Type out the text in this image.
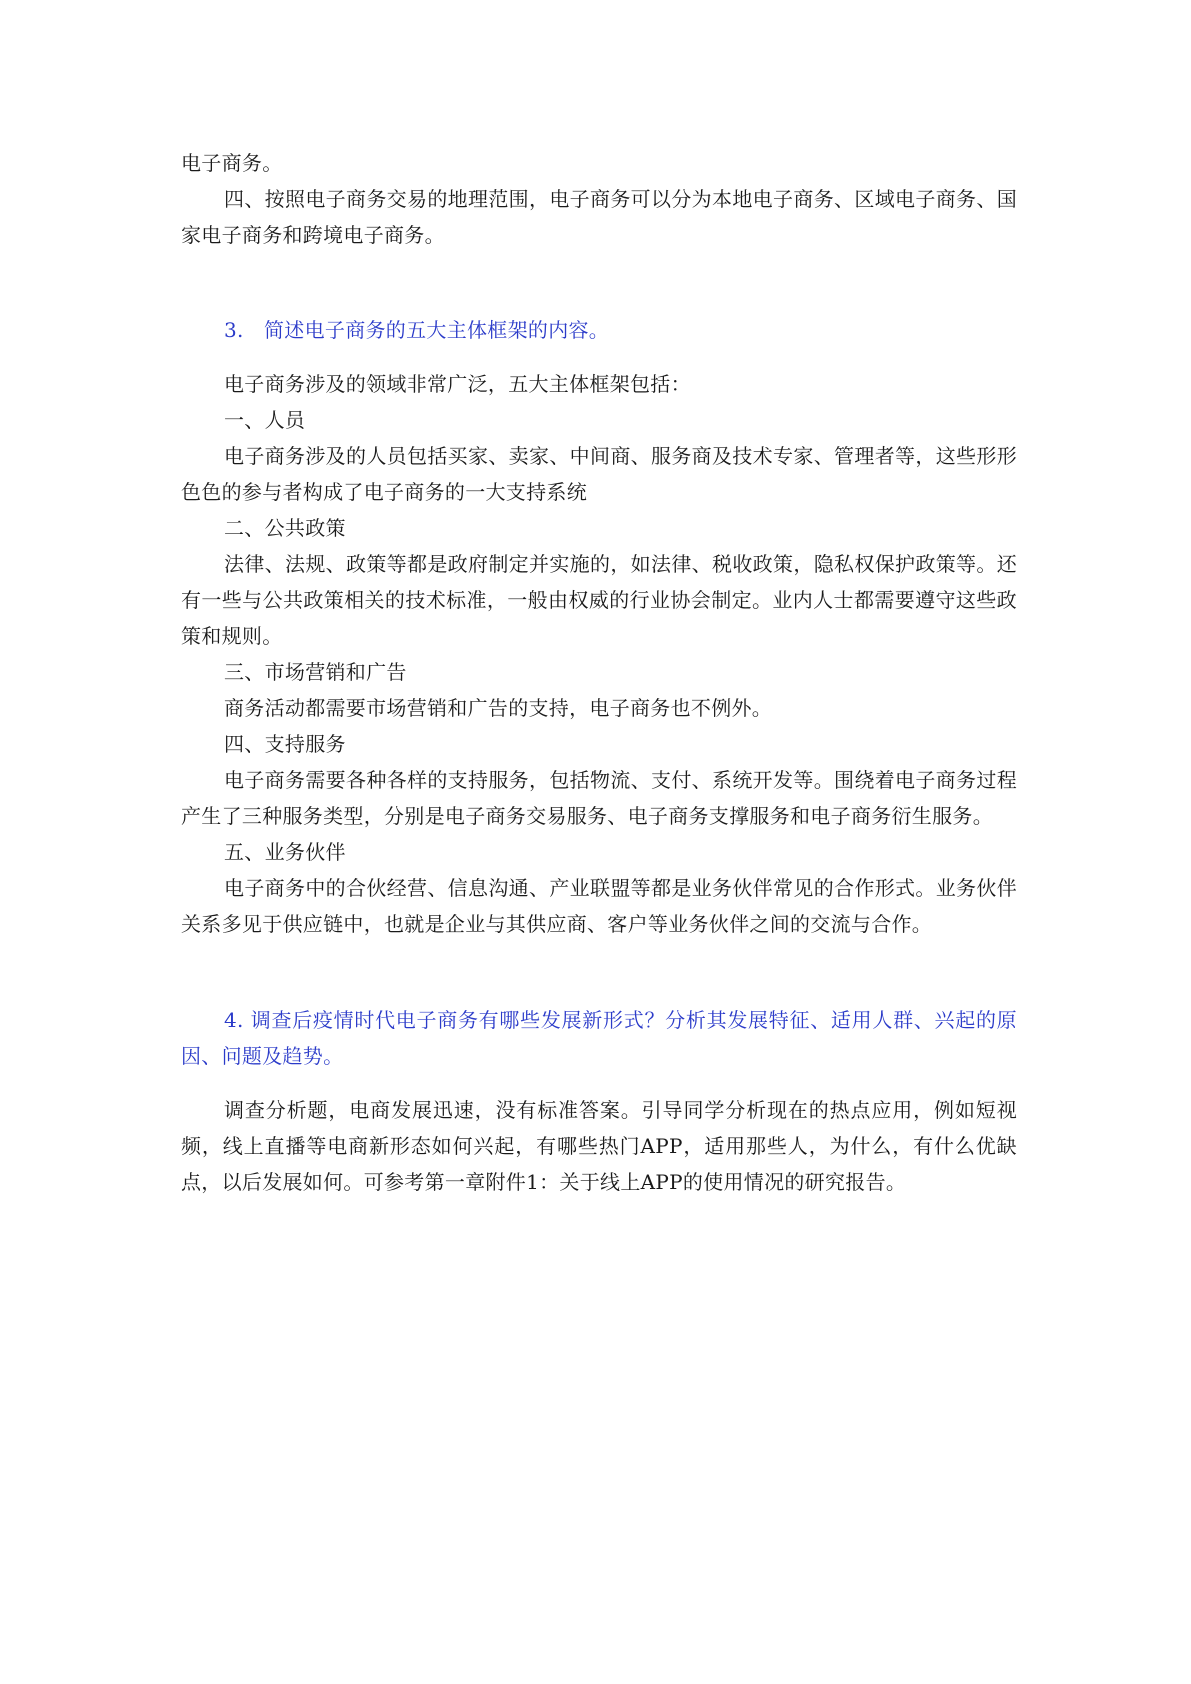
电子商务。

四、按照电子商务交易的地理范围，电子商务可以分为本地电子商务、区域电子商务、国家电子商务和跨境电子商务。

3. 简述电子商务的五大主体框架的内容。

电子商务涉及的领域非常广泛，五大主体框架包括：

一、人员

电子商务涉及的人员包括买家、卖家、中间商、服务商及技术专家、管理者等，这些形形色色的参与者构成了电子商务的一大支持系统

二、公共政策

法律、法规、政策等都是政府制定并实施的，如法律、税收政策，隐私权保护政策等。还有一些与公共政策相关的技术标准，一般由权威的行业协会制定。业内人士都需要遵守这些政策和规则。

三、市场营销和广告

商务活动都需要市场营销和广告的支持，电子商务也不例外。

四、支持服务

电子商务需要各种各样的支持服务，包括物流、支付、系统开发等。围绕着电子商务过程产生了三种服务类型，分别是电子商务交易服务、电子商务支撑服务和电子商务衍生服务。

五、业务伙伴

电子商务中的合伙经营、信息沟通、产业联盟等都是业务伙伴常见的合作形式。业务伙伴关系多见于供应链中，也就是企业与其供应商、客户等业务伙伴之间的交流与合作。

4. 调查后疫情时代电子商务有哪些发展新形式？分析其发展特征、适用人群、兴起的原因、问题及趋势。

调查分析题，电商发展迅速，没有标准答案。引导同学分析现在的热点应用，例如短视频，线上直播等电商新形态如何兴起，有哪些热门APP，适用那些人，为什么，有什么优缺点，以后发展如何。可参考第一章附件1：关于线上APP的使用情况的研究报告。
